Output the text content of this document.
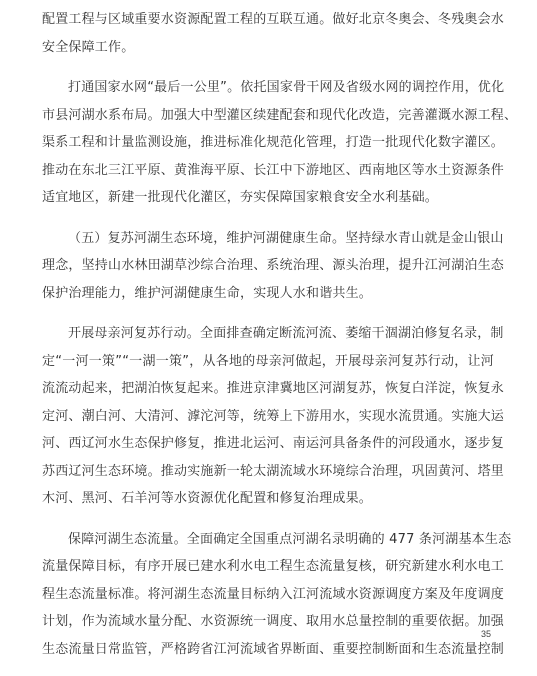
配置工程与区域重要水资源配置工程的互联互通。做好北京冬奥会、冬残奥会水
安全保障工作。
打通国家水网“最后一公里”。依托国家骨干网及省级水网的调控作用，优化
市县河湖水系布局。加强大中型灌区续建配套和现代化改造，完善灌溉水源工程、
渠系工程和计量监测设施，推进标准化规范化管理，打造一批现代化数字灌区。
推动在东北三江平原、黄淮海平原、长江中下游地区、西南地区等水土资源条件
适宜地区，新建一批现代化灌区，夯实保障国家粮食安全水利基础。
（五）复苏河湖生态环境，维护河湖健康生命。坚持绿水青山就是金山银山
理念，坚持山水林田湖草沙综合治理、系统治理、源头治理，提升江河湖泊生态
保护治理能力，维护河湖健康生命，实现人水和谐共生。
开展母亲河复苏行动。全面排查确定断流河流、萎缩干涸湖泊修复名录，制
定“一河一策”“一湖一策”，从各地的母亲河做起，开展母亲河复苏行动，让河
流流动起来，把湖泊恢复起来。推进京津冀地区河湖复苏，恢复白洋淀，恢复永
定河、潮白河、大清河、滹沱河等，统筹上下游用水，实现水流贯通。实施大运
河、西辽河水生态保护修复，推进北运河、南运河具备条件的河段通水，逐步复
苏西辽河生态环境。推动实施新一轮太湖流域水环境综合治理，巩固黄河、塔里
木河、黑河、石羊河等水资源优化配置和修复治理成果。
保障河湖生态流量。全面确定全国重点河湖名录明确的 477 条河湖基本生态
流量保障目标，有序开展已建水利水电工程生态流量复核，研究新建水利水电工
程生态流量标准。将河湖生态流量目标纳入江河流域水资源调度方案及年度调度
计划，作为流域水量分配、水资源统一调度、取用水总量控制的重要依据。加强
生态流量日常监管，严格跨省江河流域省界断面、重要控制断面和生态流量控制
35
